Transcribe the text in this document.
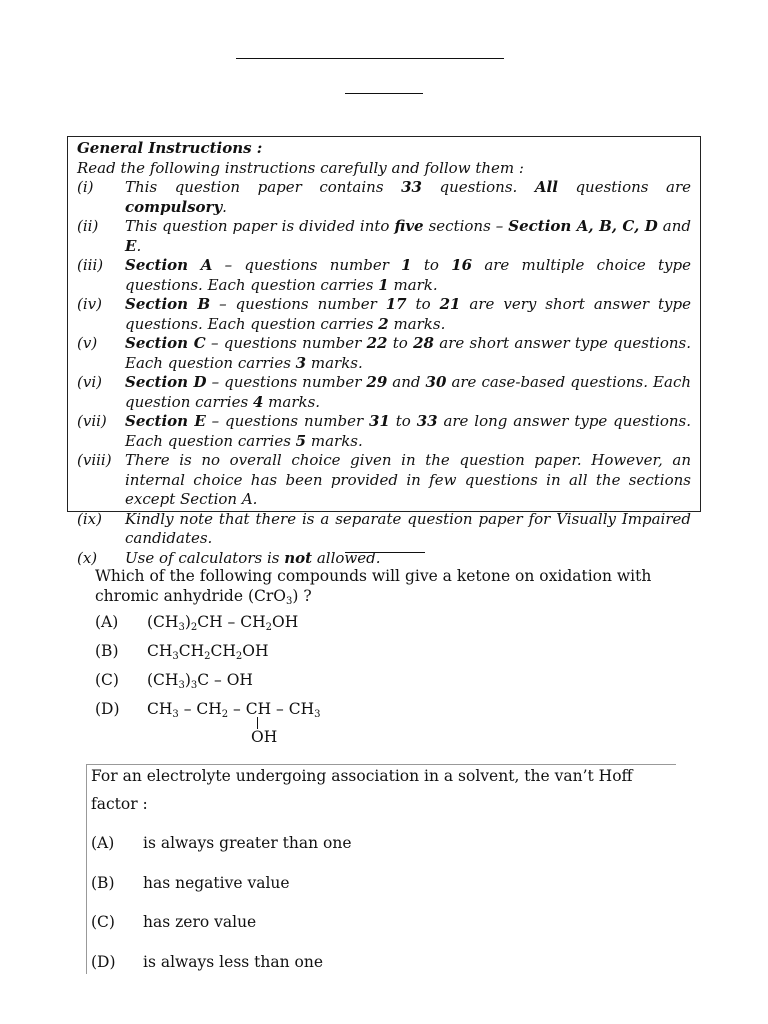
General Instructions :
Read the following instructions carefully and follow them :
(i)	This question paper contains 33 questions. All questions are compulsory.
(ii)	This question paper is divided into five sections – Section A, B, C, D and E.
(iii)	Section A – questions number 1 to 16 are multiple choice type questions. Each question carries 1 mark.
(iv)	Section B – questions number 17 to 21 are very short answer type questions. Each question carries 2 marks.
(v)	Section C – questions number 22 to 28 are short answer type questions. Each question carries 3 marks.
(vi)	Section D – questions number 29 and 30 are case-based questions. Each question carries 4 marks.
(vii)	Section E – questions number 31 to 33 are long answer type questions. Each question carries 5 marks.
(viii) There is no overall choice given in the question paper. However, an internal choice has been provided in few questions in all the sections except Section A.
(ix)	Kindly note that there is a separate question paper for Visually Impaired candidates.
(x)	Use of calculators is not allowed.

Which of the following compounds will give a ketone on oxidation with chromic anhydride (CrO$_3$) ?

(A)	$(CH_3)_2CH - CH_2OH$
(B)	$CH_3CH_2CH_2OH$
(C)	$(CH_3)_3C$ – OH
(D)	$CH_3 - CH_2$ – CH – $CH_3$
OH

For an electrolyte undergoing association in a solvent, the van’t Hoff

factor :

(A)	is always greater than one
(B)	has negative value
(C)	has zero value
(D)	is always less than one
